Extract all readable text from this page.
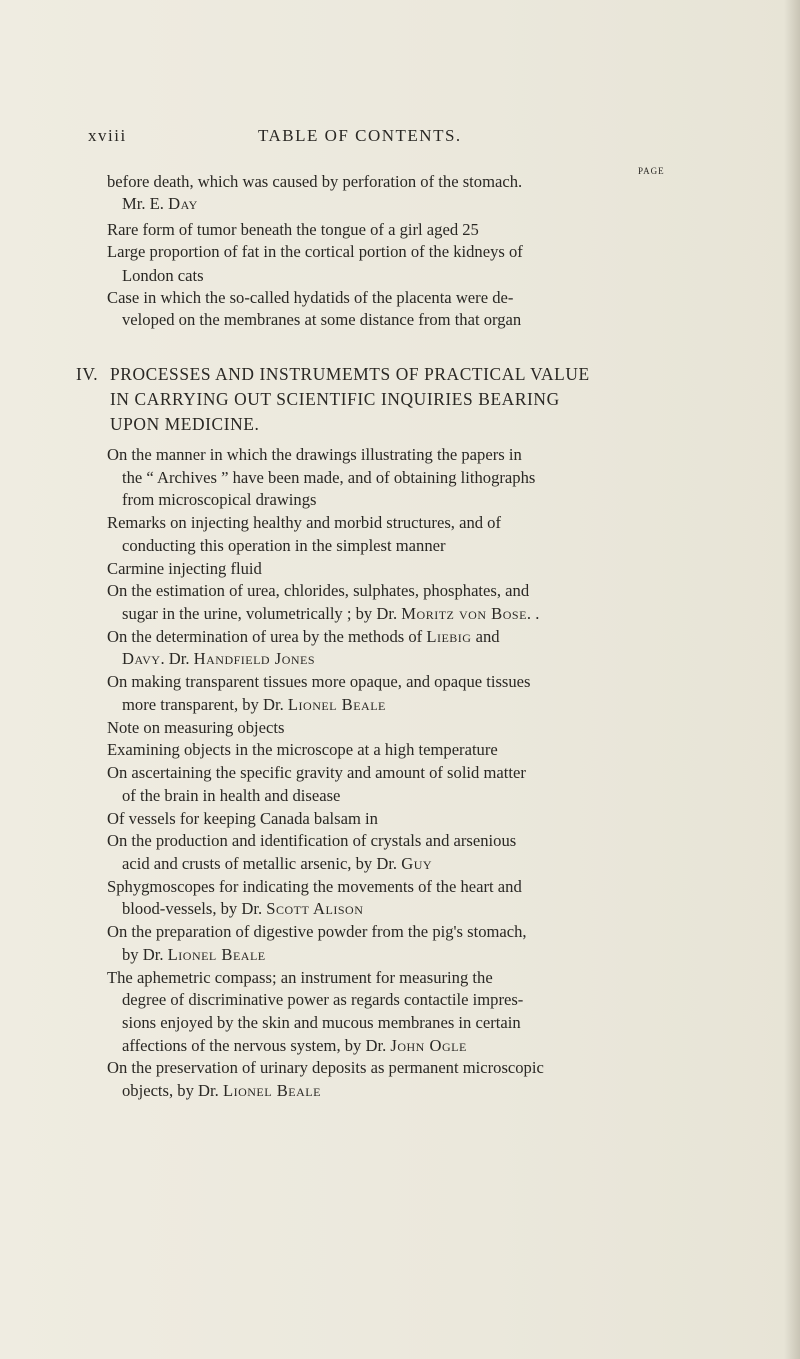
xviii	TABLE OF CONTENTS.
PAGE
IV. PROCESSES AND INSTRUMEMTS OF PRACTICAL VALUE
IN CARRYING OUT SCIENTIFIC INQUIRIES BEARING
UPON MEDICINE.
before death, which was caused by perforation of the stomach.
Mr. E. Day
Rare form of tumor beneath the tongue of a girl aged 25
Large proportion of fat in the cortical portion of the kidneys of
London cats
Case in which the so-called hydatids of the placenta were de-
veloped on the membranes at some distance from that organ
On the manner in which the drawings illustrating the papers in
the “ Archives ” have been made, and of obtaining lithographs
from microscopical drawings
Remarks on injecting healthy and morbid structures, and of
conducting this operation in the simplest manner
Carmine injecting fluid
On the estimation of urea, chlorides, sulphates, phosphates, and
sugar in the urine, volumetrically ; by Dr. Moritz von Bose. .
On the determination of urea by the methods of Liebig and
Davy. Dr. Handfield Jones
On making transparent tissues more opaque, and opaque tissues
more transparent, by Dr. Lionel Beale
Note on measuring objects
Examining objects in the microscope at a high temperature
On ascertaining the specific gravity and amount of solid matter
of the brain in health and disease
Of vessels for keeping Canada balsam in
On the production and identification of crystals and arsenious
acid and crusts of metallic arsenic, by Dr. Guy
Sphygmoscopes for indicating the movements of the heart and
blood-vessels, by Dr. Scott Alison
On the preparation of digestive powder from the pig's stomach,
by Dr. Lionel Beale
The aphemetric compass; an instrument for measuring the
degree of discriminative power as regards contactile impres-
sions enjoyed by the skin and mucous membranes in certain
affections of the nervous system, by Dr. John Ogle
On the preservation of urinary deposits as permanent microscopic
objects, by Dr. Lionel Beale
